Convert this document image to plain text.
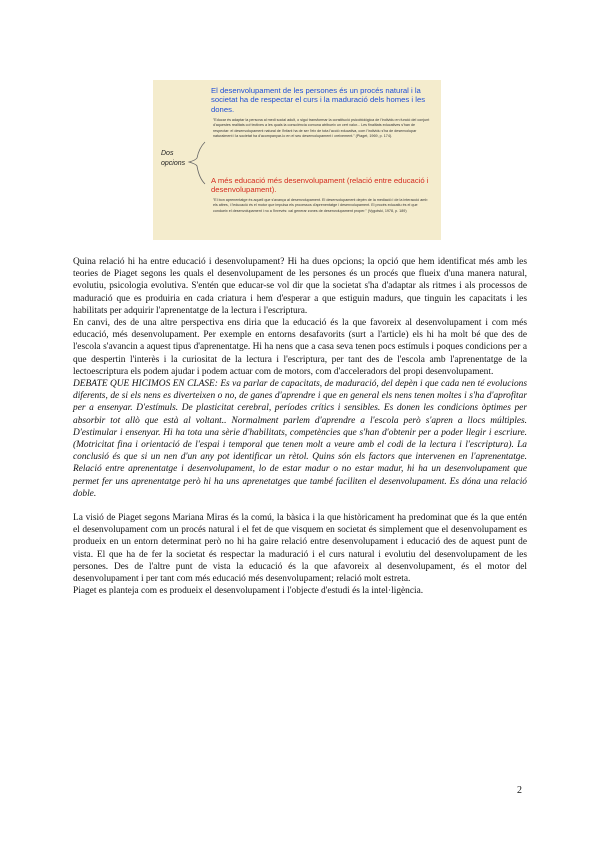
Dos
opcions
El desenvolupament de les persones és un procés natural i la societat ha de respectar el curs i la maduració dels homes i les dones.
"Educar és adaptar la persona al medi social adult, o sigui transformar la constitució psicobiològica de l'individu en funció del conjunt d'aquestes realitats col·lectives a les quals la consciència comuna atribueix un cert valor... Les finalitats educatives s'han de respectar: el desenvolupament natural de l'infant ha de ser l'eix de tota l'acció educativa, com l'individu s'ha de desenvolupar naturalment i la societat ha d'acompanyar-lo en el seu desenvolupament i creixement." (Piaget, 1969, p. 174).
A més educació més desenvolupament (relació entre educació i desenvolupament).
"El bon aprenentatge és aquell que s'avança al desenvolupament. El desenvolupament depèn de la mediació i de la interacció amb els altres, i l'educació és el motor que impulsa els processos d'aprenentatge i desenvolupament. El procés educatiu és el que condueix el desenvolupament i no a l'inrevés: cal generar zones de desenvolupament proper." (Vygotski, 1978, p. 189)

Quina relació hi ha entre educació i desenvolupament? Hi ha dues opcions; la opció que hem identificat més amb les teories de Piaget segons les quals el desenvolupament de les persones és un procés que flueix d'una manera natural, evolutiu, psicologia evolutiva. S'entén que educar-se vol dir que la societat s'ha d'adaptar als ritmes i als processos de maduració que es produiria en cada criatura i hem d'esperar a que estiguin madurs, que tinguin les capacitats i les habilitats per adquirir l'aprenentatge de la lectura i l'escriptura.

En canvi, des de una altre perspectiva ens diria que la educació és la que favoreix al desenvolupament i com més educació, més desenvolupament. Per exemple en entorns desafavorits (surt a l'article) els hi ha molt bé que des de l'escola s'avancin a aquest tipus d'aprenentatge. Hi ha nens que a casa seva tenen pocs estímuls i poques condicions per a que despertin l'interès i la curiositat de la lectura i l'escriptura, per tant des de l'escola amb l'aprenentatge de la lectoescriptura els podem ajudar i podem actuar com de motors, com d'acceleradors del propi desenvolupament.

DEBATE QUE HICIMOS EN CLASE: Es va parlar de capacitats, de maduració, del depèn i que cada nen té evolucions diferents, de si els nens es diverteixen o no, de ganes d'aprendre i que en general els nens tenen moltes i s'ha d'aprofitar per a ensenyar. D'estímuls. De plasticitat cerebral, períodes crítics i sensibles. Es donen les condicions òptimes per absorbir tot allò que està al voltant.. Normalment parlem d'aprendre a l'escola però s'apren a llocs múltiples. D'estimular i ensenyar. Hi ha tota una sèrie d'habilitats, competències que s'han d'obtenir per a poder llegir i escriure. (Motricitat fina i orientació de l'espai i temporal que tenen molt a veure amb el codi de la lectura i l'escriptura). La conclusió és que si un nen d'un any pot identificar un rètol. Quins són els factors que intervenen en l'aprenentatge. Relació entre aprenentatge i desenvolupament, lo de estar madur o no estar madur, hi ha un desenvolupament que permet fer uns aprenentatge però hi ha uns aprenetatges que també faciliten el desenvolupament. Es dóna una relació doble.

La visió de Piaget segons Mariana Miras és la comú, la bàsica i la que històricament ha predominat que és la que entén el desenvolupament com un procés natural i el fet de que visquem en societat és simplement que el desenvolupament es produeix en un entorn determinat però no hi ha gaire relació entre desenvolupament i educació des de aquest punt de vista. El que ha de fer la societat és respectar la maduració i el curs natural i evolutiu del desenvolupament de les persones. Des de l'altre punt de vista la educació és la que afavoreix al desenvolupament, és el motor del desenvolupament i per tant com més educació més desenvolupament; relació molt estreta.

Piaget es planteja com es produeix el desenvolupament i l'objecte d'estudi és la intel·ligència.

2
